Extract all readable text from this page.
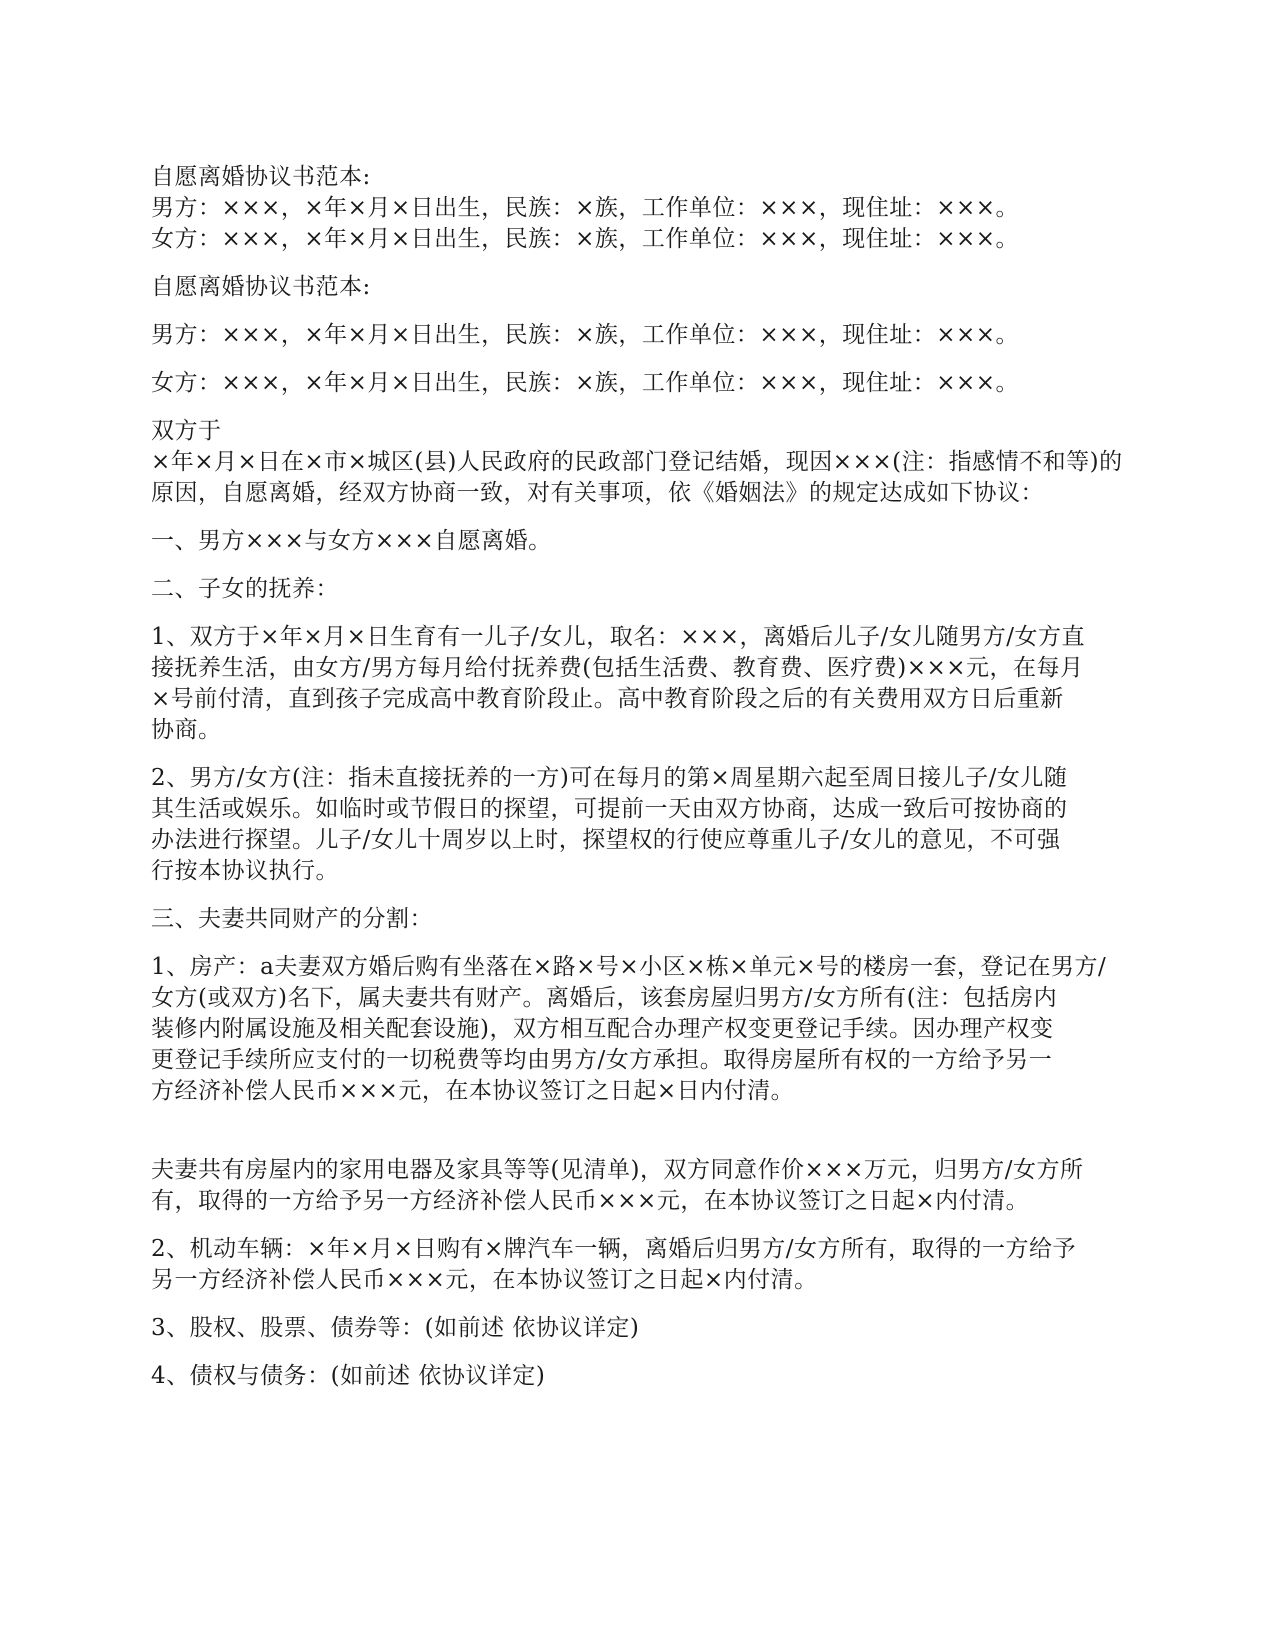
自愿离婚协议书范本:
男方：×××，×年×月×日出生，民族：×族，工作单位：×××，现住址：×××。
女方：×××，×年×月×日出生，民族：×族，工作单位：×××，现住址：×××。

自愿离婚协议书范本:

男方：×××，×年×月×日出生，民族：×族，工作单位：×××，现住址：×××。

女方：×××，×年×月×日出生，民族：×族，工作单位：×××，现住址：×××。

双方于
×年×月×日在×市×城区(县)人民政府的民政部门登记结婚，现因×××(注：指感情不和等)的
原因，自愿离婚，经双方协商一致，对有关事项，依《婚姻法》的规定达成如下协议：

一、男方×××与女方×××自愿离婚。

二、子女的抚养：

1、双方于×年×月×日生育有一儿子/女儿，取名：×××，离婚后儿子/女儿随男方/女方直
接抚养生活，由女方/男方每月给付抚养费(包括生活费、教育费、医疗费)×××元，在每月
×号前付清，直到孩子完成高中教育阶段止。高中教育阶段之后的有关费用双方日后重新
协商。
2、男方/女方(注：指未直接抚养的一方)可在每月的第×周星期六起至周日接儿子/女儿随
其生活或娱乐。如临时或节假日的探望，可提前一天由双方协商，达成一致后可按协商的
办法进行探望。儿子/女儿十周岁以上时，探望权的行使应尊重儿子/女儿的意见，不可强
行按本协议执行。

三、夫妻共同财产的分割：

1、房产：a夫妻双方婚后购有坐落在×路×号×小区×栋×单元×号的楼房一套，登记在男方/
女方(或双方)名下，属夫妻共有财产。离婚后，该套房屋归男方/女方所有(注：包括房内
装修内附属设施及相关配套设施)，双方相互配合办理产权变更登记手续。因办理产权变
更登记手续所应支付的一切税费等均由男方/女方承担。取得房屋所有权的一方给予另一
方经济补偿人民币×××元，在本协议签订之日起×日内付清。
夫妻共有房屋内的家用电器及家具等等(见清单)，双方同意作价×××万元，归男方/女方所
有，取得的一方给予另一方经济补偿人民币×××元，在本协议签订之日起×内付清。
2、机动车辆：×年×月×日购有×牌汽车一辆，离婚后归男方/女方所有，取得的一方给予
另一方经济补偿人民币×××元，在本协议签订之日起×内付清。

3、股权、股票、债券等：(如前述 依协议详定)

4、债权与债务：(如前述 依协议详定)
